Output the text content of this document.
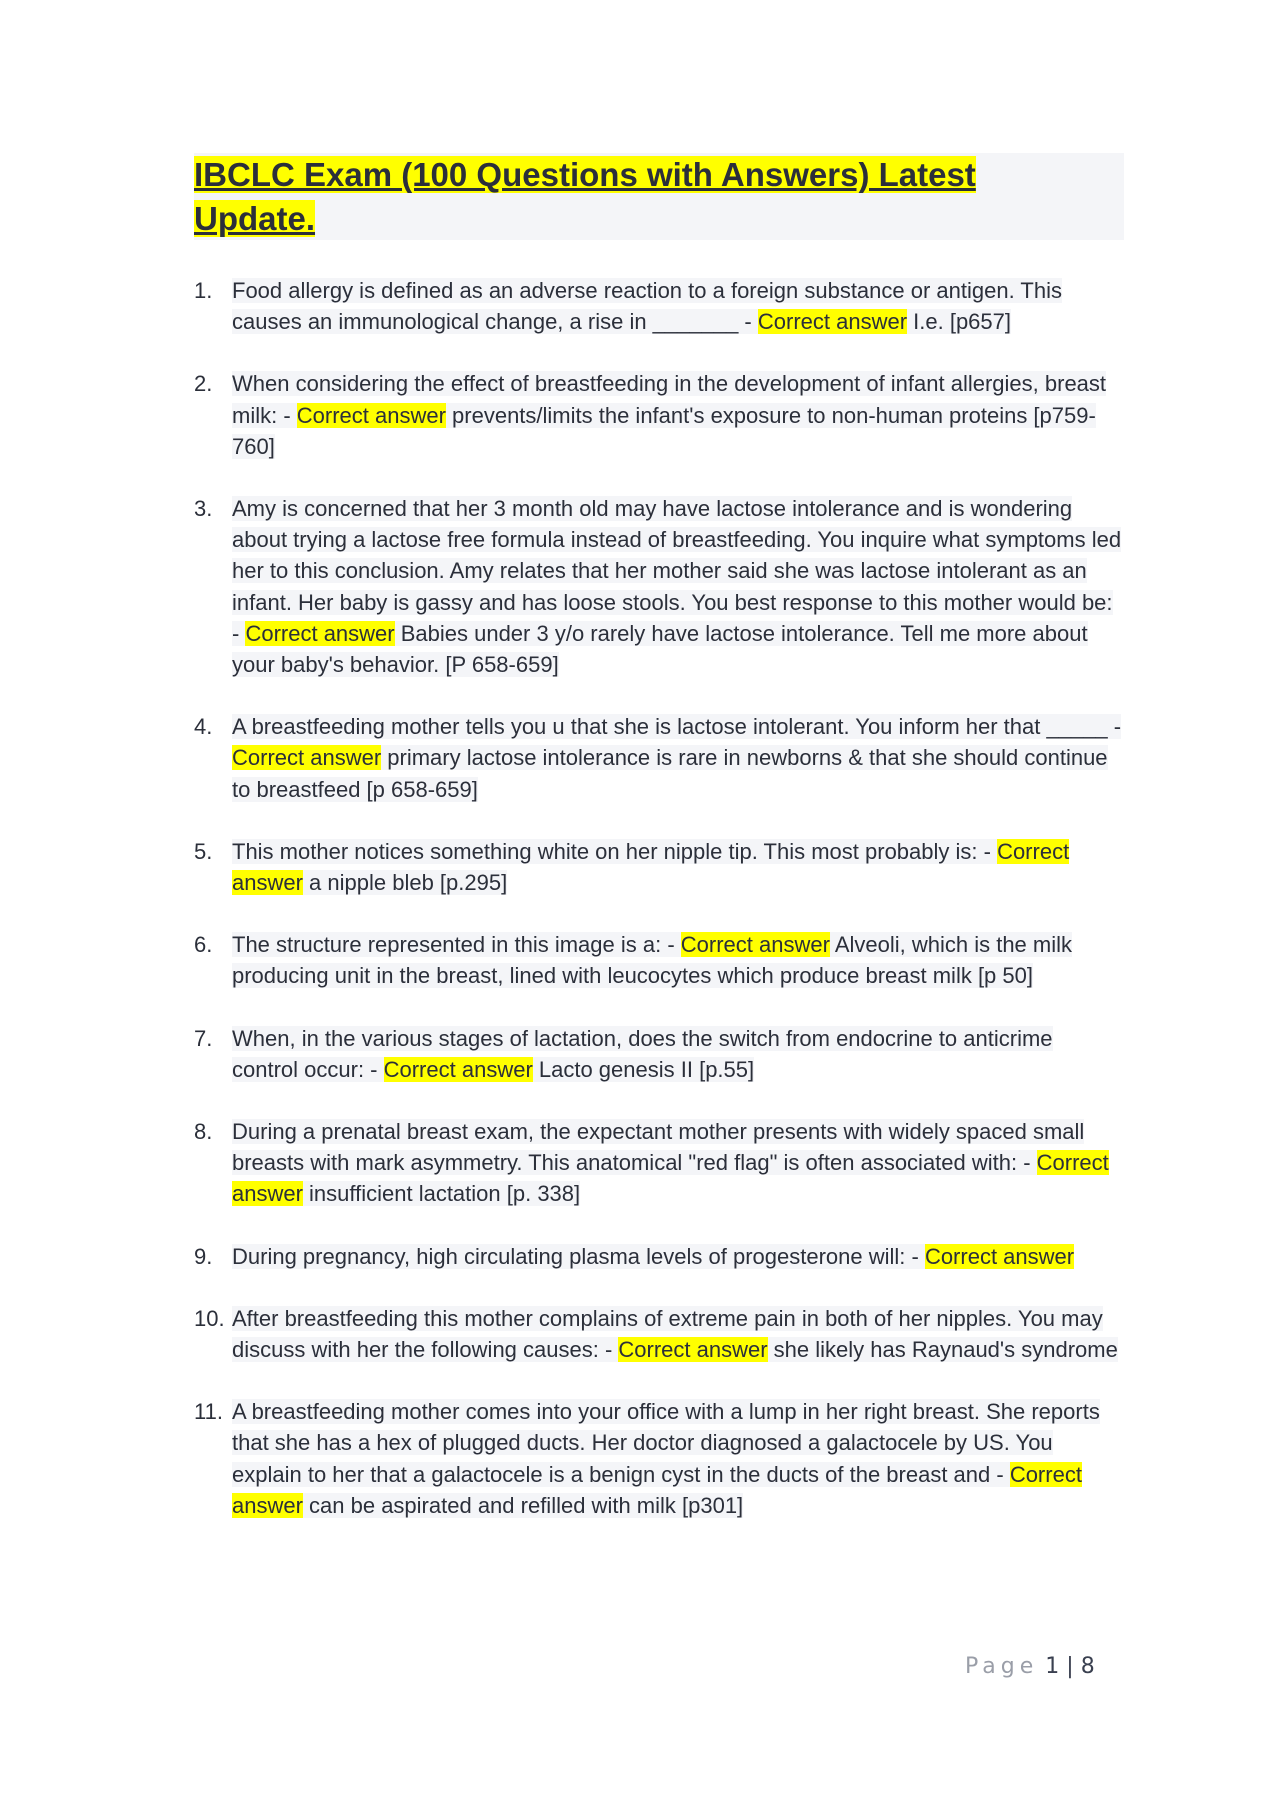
IBCLC Exam (100 Questions with Answers) Latest Update.
1. Food allergy is defined as an adverse reaction to a foreign substance or antigen. This causes an immunological change, a rise in _______ - Correct answer I.e. [p657]
2. When considering the effect of breastfeeding in the development of infant allergies, breast milk: - Correct answer prevents/limits the infant's exposure to non-human proteins [p759-760]
3. Amy is concerned that her 3 month old may have lactose intolerance and is wondering about trying a lactose free formula instead of breastfeeding. You inquire what symptoms led her to this conclusion. Amy relates that her mother said she was lactose intolerant as an infant. Her baby is gassy and has loose stools. You best response to this mother would be: - Correct answer Babies under 3 y/o rarely have lactose intolerance. Tell me more about your baby's behavior. [P 658-659]
4. A breastfeeding mother tells you u that she is lactose intolerant. You inform her that _____ - Correct answer primary lactose intolerance is rare in newborns & that she should continue to breastfeed [p 658-659]
5. This mother notices something white on her nipple tip. This most probably is: - Correct answer a nipple bleb [p.295]
6. The structure represented in this image is a: - Correct answer Alveoli, which is the milk producing unit in the breast, lined with leucocytes which produce breast milk [p 50]
7. When, in the various stages of lactation, does the switch from endocrine to anticrime control occur: - Correct answer Lacto genesis II [p.55]
8. During a prenatal breast exam, the expectant mother presents with widely spaced small breasts with mark asymmetry. This anatomical "red flag" is often associated with: - Correct answer insufficient lactation [p. 338]
9. During pregnancy, high circulating plasma levels of progesterone will: - Correct answer
10. After breastfeeding this mother complains of extreme pain in both of her nipples. You may discuss with her the following causes: - Correct answer she likely has Raynaud's syndrome
11. A breastfeeding mother comes into your office with a lump in her right breast. She reports that she has a hex of plugged ducts. Her doctor diagnosed a galactocele by US. You explain to her that a galactocele is a benign cyst in the ducts of the breast and - Correct answer can be aspirated and refilled with milk [p301]
Page 1 | 8
